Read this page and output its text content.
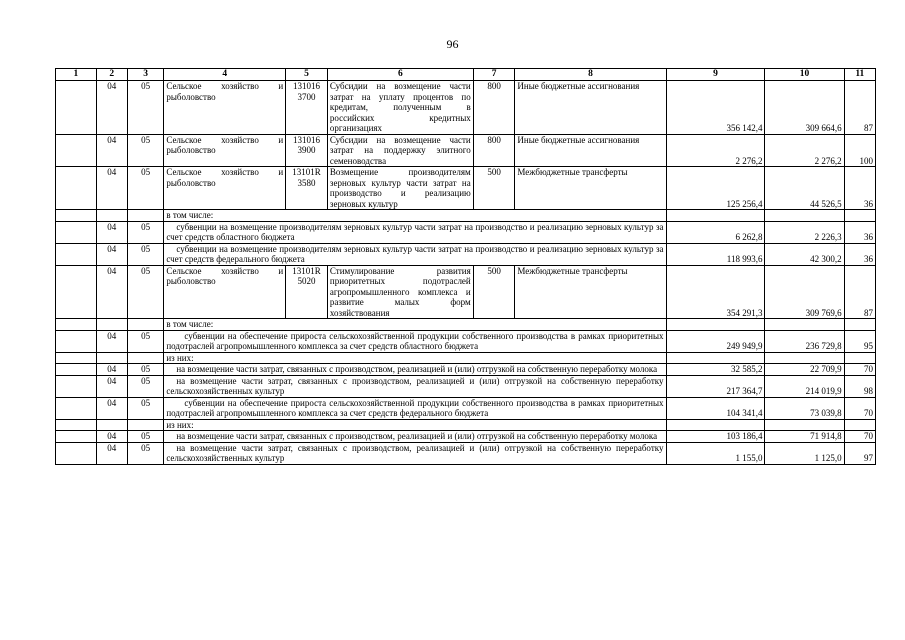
96
1	2	3	4	5	6	7	8	9	10	11
	04	05	Сельское хозяйство и рыболовство	131016 3700	Субсидии на возмещение части затрат на уплату процентов по кредитам, полученным в российских кредитных организациях	800	Иные бюджетные ассигнования	356 142,4	309 664,6	87
	04	05	Сельское хозяйство и рыболовство	131016 3900	Субсидии на возмещение части затрат на поддержку элитного семеноводства	800	Иные бюджетные ассигнования	2 276,2	2 276,2	100
	04	05	Сельское хозяйство и рыболовство	13101R 3580	Возмещение производителям зерновых культур части затрат на производство и реализацию зерновых культур	500	Межбюджетные трансферты	125 256,4	44 526,5	36
			в том числе:							
	04	05	субвенции на возмещение производителям зерновых культур части затрат на производство и реализацию зерновых культур за счет средств областного бюджета					6 262,8	2 226,3	36
	04	05	субвенции на возмещение производителям зерновых культур части затрат на производство и реализацию зерновых культур за счет средств федерального бюджета					118 993,6	42 300,2	36
	04	05	Сельское хозяйство и рыболовство	13101R 5020	Стимулирование развития приоритетных подотраслей агропромышленного комплекса и развитие малых форм хозяйствования	500	Межбюджетные трансферты	354 291,3	309 769,6	87
			в том числе:							
	04	05	субвенции на обеспечение прироста сельскохозяйственной продукции собственного производства в рамках приоритетных подотраслей агропромышленного комплекса за счет средств областного бюджета					249 949,9	236 729,8	95
			из них:							
	04	05	на возмещение части затрат, связанных с производством, реализацией и (или) отгрузкой на собственную переработку молока					32 585,2	22 709,9	70
	04	05	на возмещение части затрат, связанных с производством, реализацией и (или) отгрузкой на собственную переработку сельскохозяйственных культур					217 364,7	214 019,9	98
	04	05	субвенции на обеспечение прироста сельскохозяйственной продукции собственного производства в рамках приоритетных подотраслей агропромышленного комплекса за счет средств федерального бюджета					104 341,4	73 039,8	70
			из них:							
	04	05	на возмещение части затрат, связанных с производством, реализацией и (или) отгрузкой на собственную переработку молока					103 186,4	71 914,8	70
	04	05	на возмещение части затрат, связанных с производством, реализацией и (или) отгрузкой на собственную переработку сельскохозяйственных культур					1 155,0	1 125,0	97
